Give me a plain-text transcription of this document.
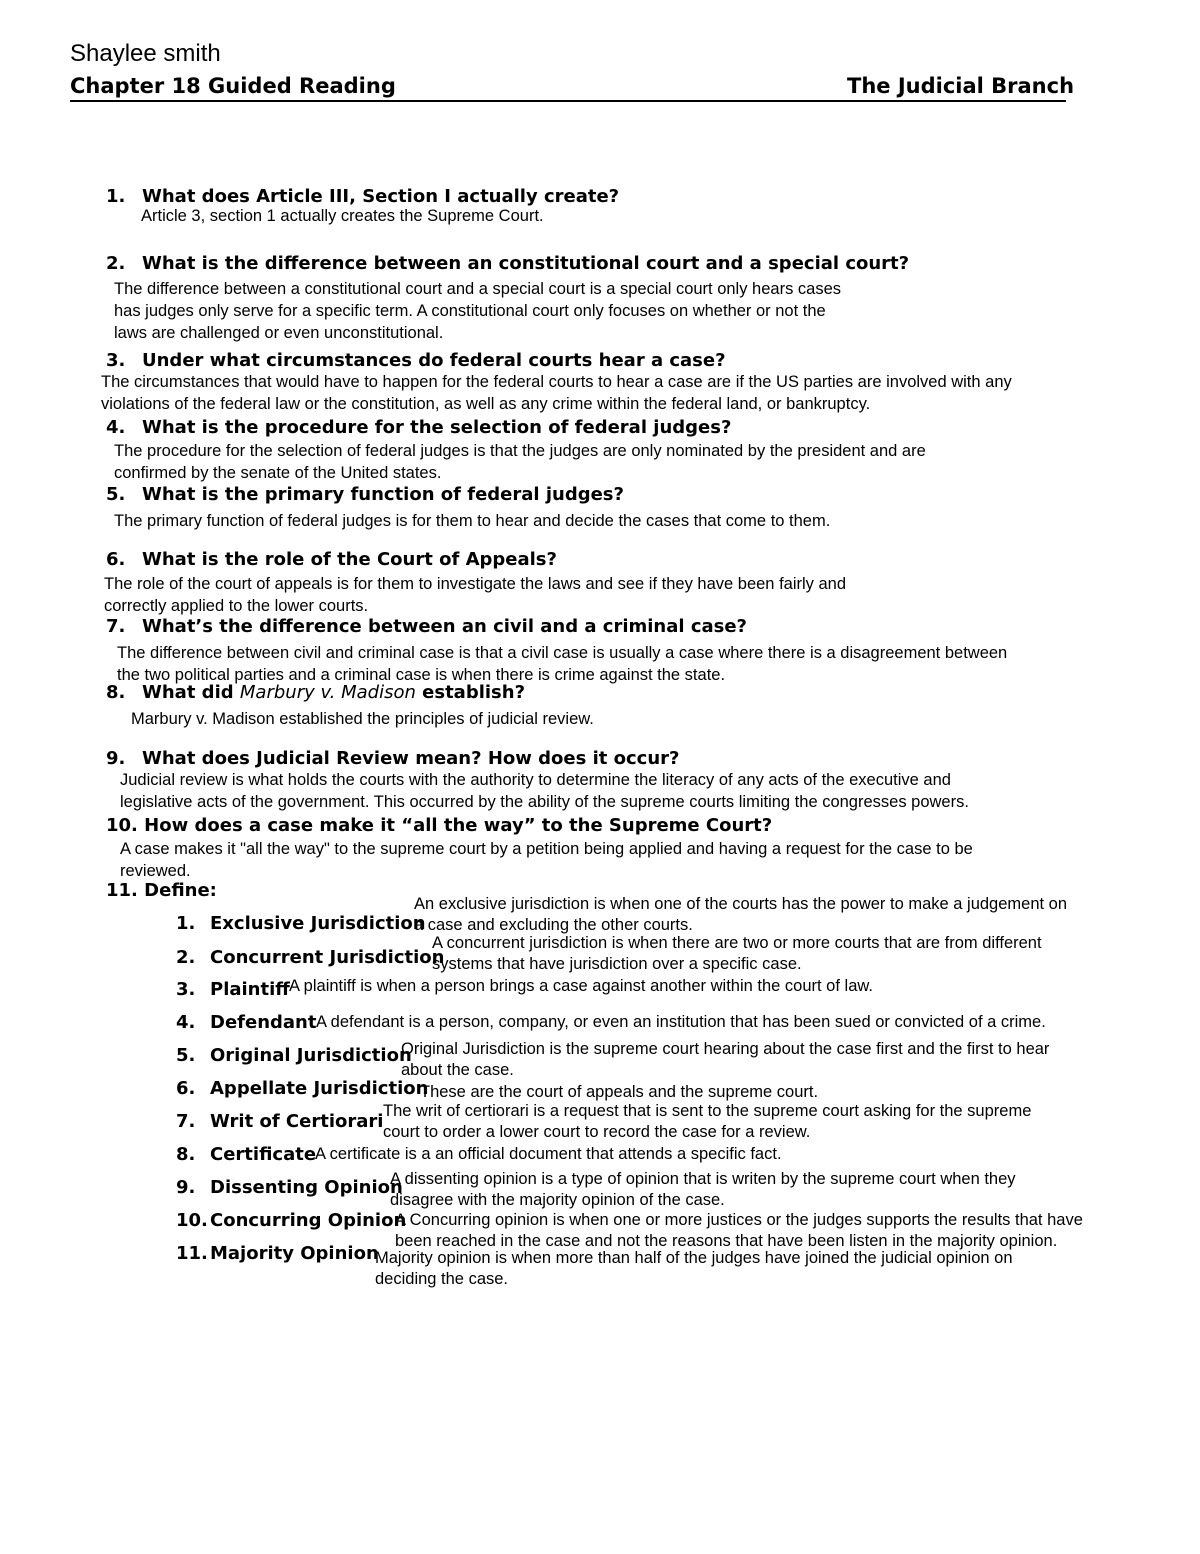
Shaylee smith
Chapter 18 Guided Reading	The Judicial Branch
1. What does Article III, Section I actually create?
Article 3, section 1 actually creates the Supreme Court.
2. What is the difference between an constitutional court and a special court?
The difference between a constitutional court and a special court is a special court only hears cases
has judges only serve for a specific term. A constitutional court only focuses on whether or not the
laws are challenged or even unconstitutional.
3. Under what circumstances do federal courts hear a case?
The circumstances that would have to happen for the federal courts to hear a case are if the US parties are involved with any
violations of the federal law or the constitution, as well as any crime within the federal land, or bankruptcy.
4. What is the procedure for the selection of federal judges?
The procedure for the selection of federal judges is that the judges are only nominated by the president and are
confirmed by the senate of the United states.
5. What is the primary function of federal judges?
The primary function of federal judges is for them to hear and decide the cases that come to them.
6. What is the role of the Court of Appeals?
The role of the court of appeals is for them to investigate the laws and see if they have been fairly and
correctly applied to the lower courts.
7. What’s the difference between an civil and a criminal case?
The difference between civil and criminal case is that a civil case is usually a case where there is a disagreement between
the two political parties and a criminal case is when there is crime against the state.
8. What did Marbury v. Madison establish?
Marbury v. Madison established the principles of judicial review.
9. What does Judicial Review mean? How does it occur?
Judicial review is what holds the courts with the authority to determine the literacy of any acts of the executive and
legislative acts of the government. This occurred by the ability of the supreme courts limiting the congresses powers.
10. How does a case make it “all the way” to the Supreme Court?
A case makes it "all the way" to the supreme court by a petition being applied and having a request for the case to be
reviewed.
11. Define:
1. Exclusive Jurisdiction
An exclusive jurisdiction is when one of the courts has the power to make a judgement on
a case and excluding the other courts.
2. Concurrent Jurisdiction
A concurrent jurisdiction is when there are two or more courts that are from different
systems that have jurisdiction over a specific case.
3. Plaintiff A plaintiff is when a person brings a case against another within the court of law.
4. Defendant A defendant is a person, company, or even an institution that has been sued or convicted of a crime.
5. Original Jurisdiction
Original Jurisdiction is the supreme court hearing about the case first and the first to hear
about the case.
6. Appellate Jurisdiction
These are the court of appeals and the supreme court.
7. Writ of Certiorari The writ of certiorari is a request that is sent to the supreme court asking for the supreme
court to order a lower court to record the case for a review.
8. Certificate
A certificate is a an official document that attends a specific fact.
9. Dissenting Opinion
A dissenting opinion is a type of opinion that is writen by the supreme court when they
disagree with the majority opinion of the case.
10. Concurring Opinion
A Concurring opinion is when one or more justices or the judges supports the results that have
been reached in the case and not the reasons that have been listen in the majority opinion.
11. Majority Opinion
Majority opinion is when more than half of the judges have joined the judicial opinion on
deciding the case.
